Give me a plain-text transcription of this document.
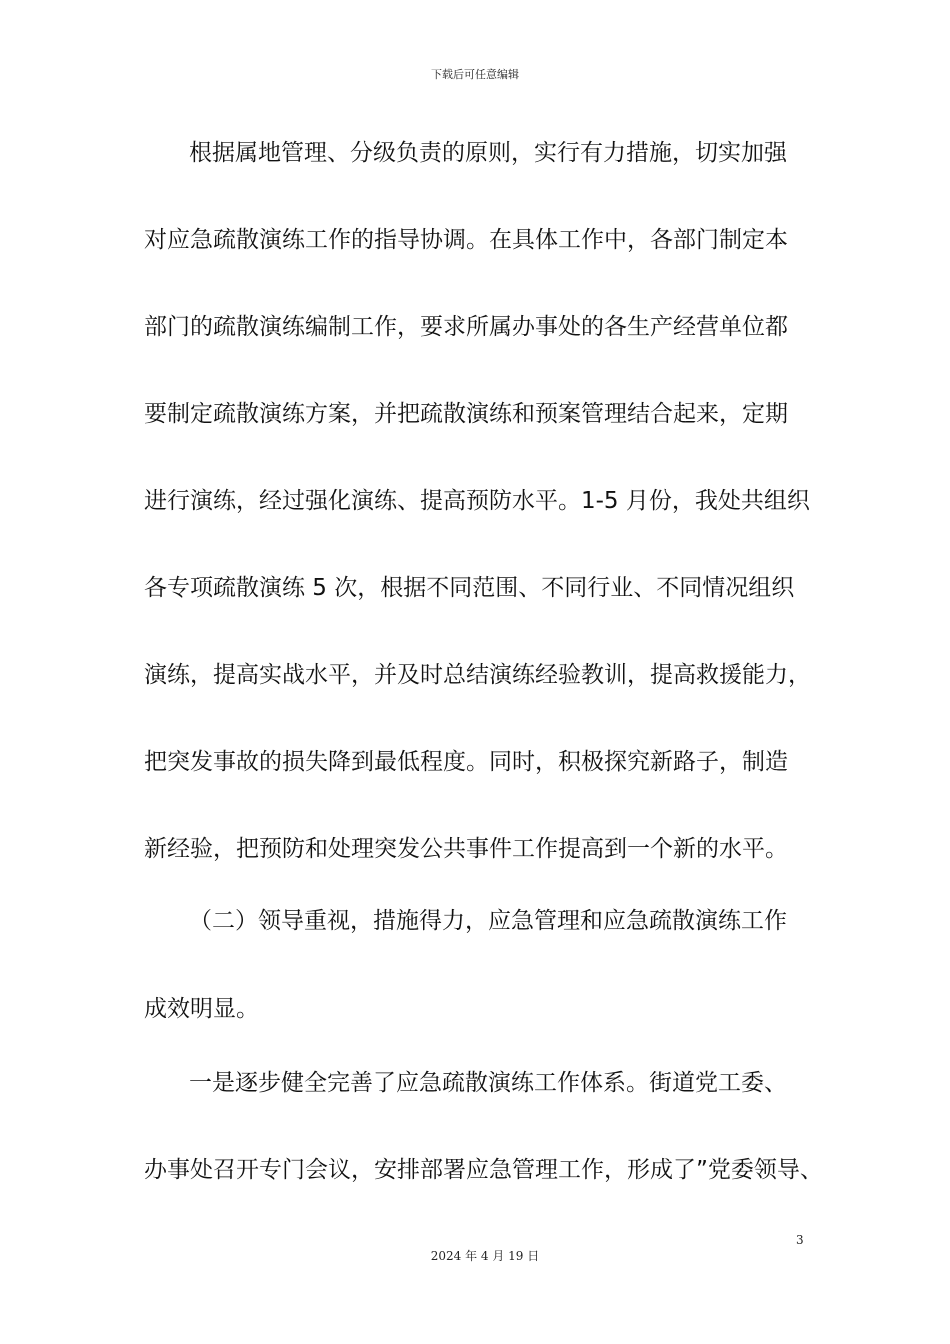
下载后可任意编辑
根据属地管理、分级负责的原则，实行有力措施，切实加强
对应急疏散演练工作的指导协调。在具体工作中，各部门制定本
部门的疏散演练编制工作，要求所属办事处的各生产经营单位都
要制定疏散演练方案，并把疏散演练和预案管理结合起来，定期
进行演练，经过强化演练、提高预防水平。1-5 月份，我处共组织
各专项疏散演练 5 次，根据不同范围、不同行业、不同情况组织
演练，提高实战水平，并及时总结演练经验教训，提高救援能力，
把突发事故的损失降到最低程度。同时，积极探究新路子，制造
新经验，把预防和处理突发公共事件工作提高到一个新的水平。
（二）领导重视，措施得力，应急管理和应急疏散演练工作
成效明显。
一是逐步健全完善了应急疏散演练工作体系。街道党工委、
办事处召开专门会议，安排部署应急管理工作，形成了”党委领导、
3
2024 年 4 月 19 日
